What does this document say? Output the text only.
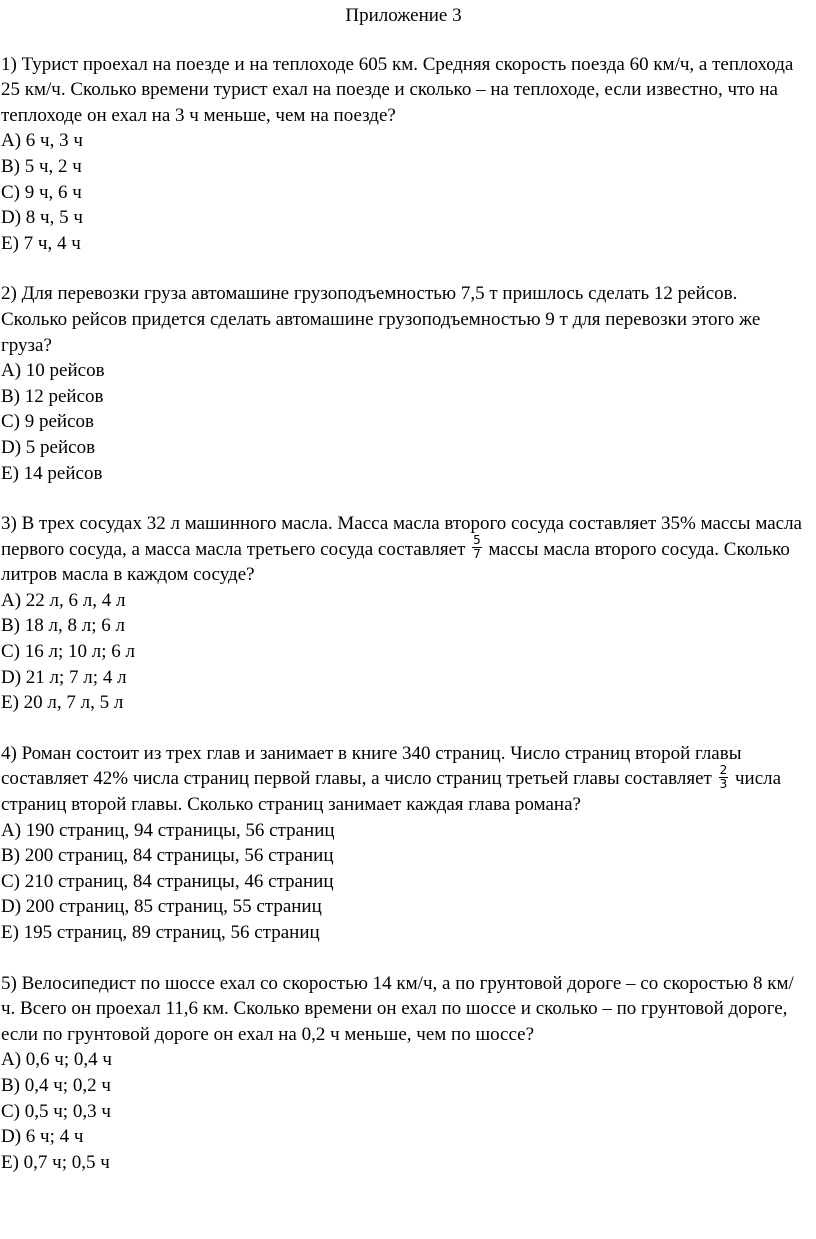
Приложение 3

1) Турист проехал на поезде и на теплоходе 605 км. Средняя скорость поезда 60 км/ч, а теплохода 25 км/ч. Сколько времени турист ехал на поезде и сколько – на теплоходе, если известно, что на теплоходе он ехал на 3 ч меньше, чем на поезде?

A) 6 ч, 3 ч
B) 5 ч, 2 ч
C) 9 ч, 6 ч
D) 8 ч, 5 ч
E) 7 ч, 4 ч

2) Для перевозки груза автомашине грузоподъемностью 7,5 т пришлось сделать 12 рейсов. Сколько рейсов придется сделать автомашине грузоподъемностью 9 т для перевозки этого же груза?

A) 10 рейсов
B) 12 рейсов
C) 9 рейсов
D) 5 рейсов
E) 14 рейсов

3) В трех сосудах 32 л машинного масла. Масса масла второго сосуда составляет 35% массы масла первого сосуда, а масса масла третьего сосуда составляет $\frac{5}{7}$ массы масла второго сосуда. Сколько литров масла в каждом сосуде?

A) 22 л, 6 л, 4 л
B) 18 л, 8 л; 6 л
C) 16 л; 10 л; 6 л
D) 21 л; 7 л; 4 л
E) 20 л, 7 л, 5 л

4) Роман состоит из трех глав и занимает в книге 340 страниц. Число страниц второй главы составляет 42% числа страниц первой главы, а число страниц третьей главы составляет $\frac{2}{3}$ числа страниц второй главы. Сколько страниц занимает каждая глава романа?

A) 190 страниц, 94 страницы, 56 страниц
B) 200 страниц, 84 страницы, 56 страниц
C) 210 страниц, 84 страницы, 46 страниц
D) 200 страниц, 85 страниц, 55 страниц
E) 195 страниц, 89 страниц, 56 страниц

5) Велосипедист по шоссе ехал со скоростью 14 км/ч, а по грунтовой дороге – со скоростью 8 км/ч. Всего он проехал 11,6 км. Сколько времени он ехал по шоссе и сколько – по грунтовой дороге, если по грунтовой дороге он ехал на 0,2 ч меньше, чем по шоссе?

A) 0,6 ч; 0,4 ч
B) 0,4 ч; 0,2 ч
C) 0,5 ч; 0,3 ч
D) 6 ч; 4 ч
E) 0,7 ч; 0,5 ч
